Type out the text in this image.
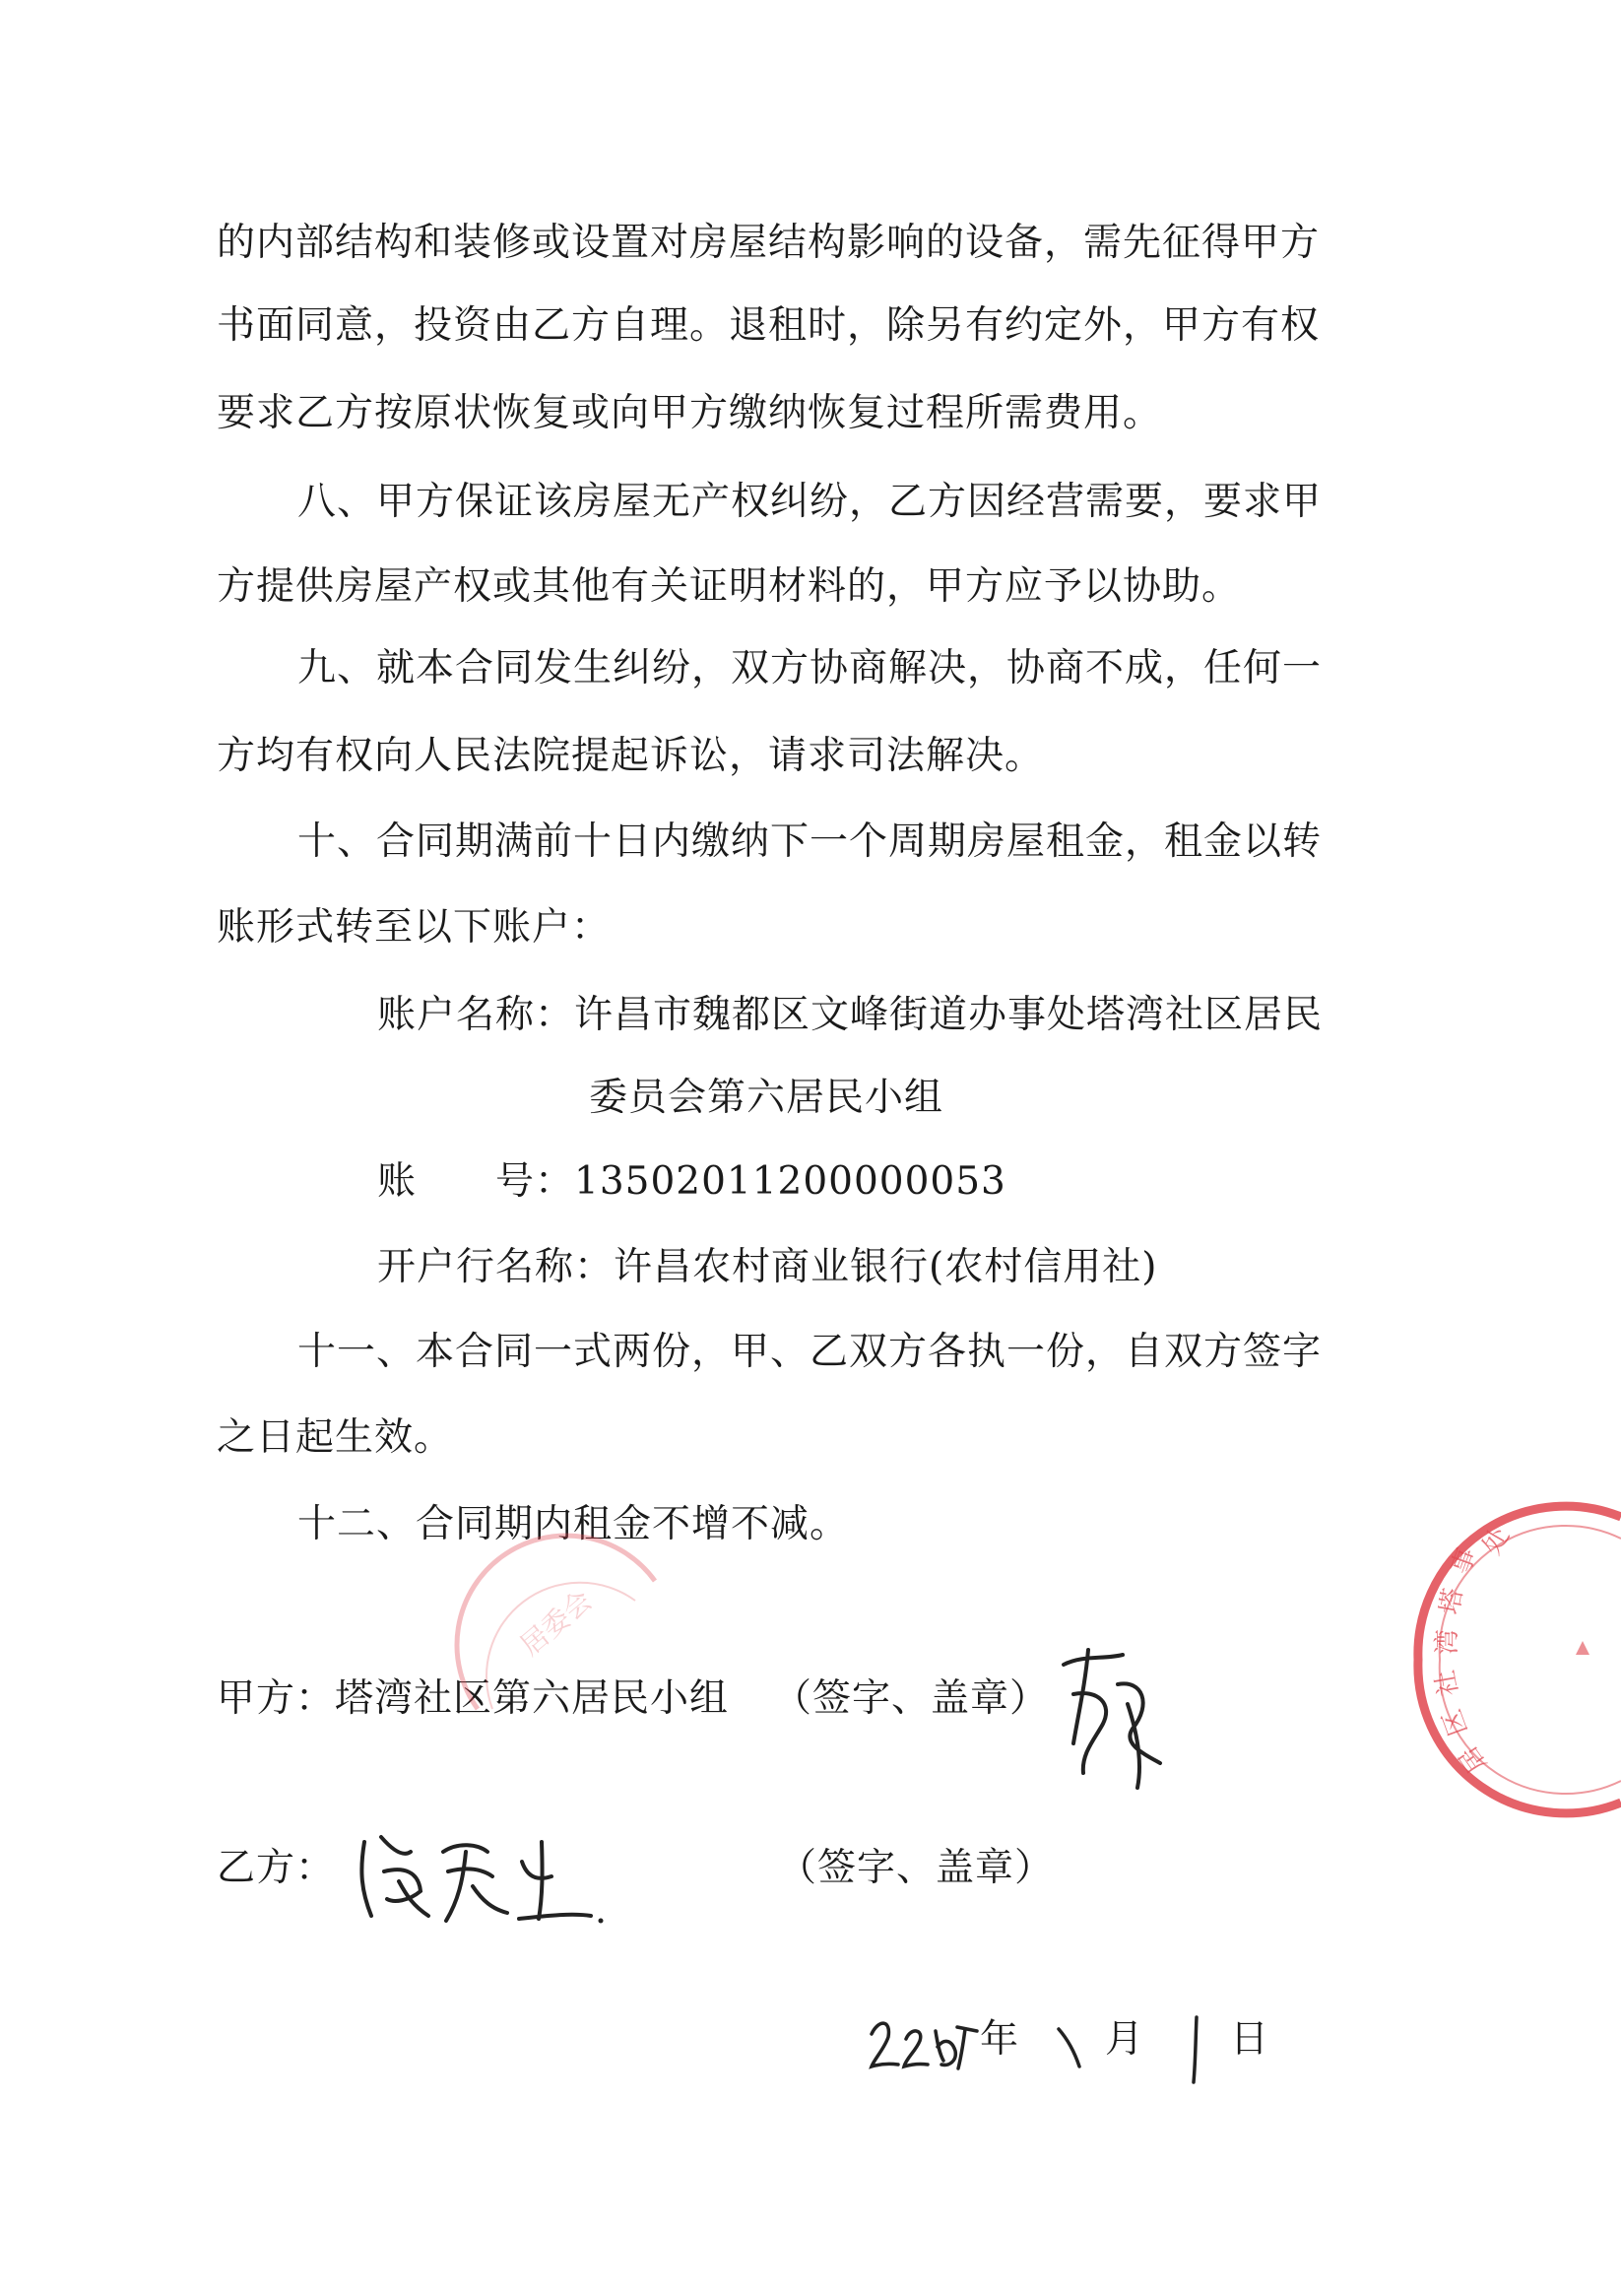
的内部结构和装修或设置对房屋结构影响的设备，需先征得甲方
书面同意，投资由乙方自理。退租时，除另有约定外，甲方有权
要求乙方按原状恢复或向甲方缴纳恢复过程所需费用。
八、甲方保证该房屋无产权纠纷，乙方因经营需要，要求甲
方提供房屋产权或其他有关证明材料的，甲方应予以协助。
九、就本合同发生纠纷，双方协商解决，协商不成，任何一
方均有权向人民法院提起诉讼，请求司法解决。
十、合同期满前十日内缴纳下一个周期房屋租金，租金以转
账形式转至以下账户：
账户名称：许昌市魏都区文峰街道办事处塔湾社区居民
委员会第六居民小组
账　　号：13502011200000053
开户行名称：许昌农村商业银行(农村信用社)
十一、本合同一式两份，甲、乙双方各执一份，自双方签字
之日起生效。
十二、合同期内租金不增不减。
甲方：塔湾社区第六居民小组 （签字、盖章）
乙方：	（签字、盖章）
年 月 日
居委会
事
处
塔
湾
社
区
居
